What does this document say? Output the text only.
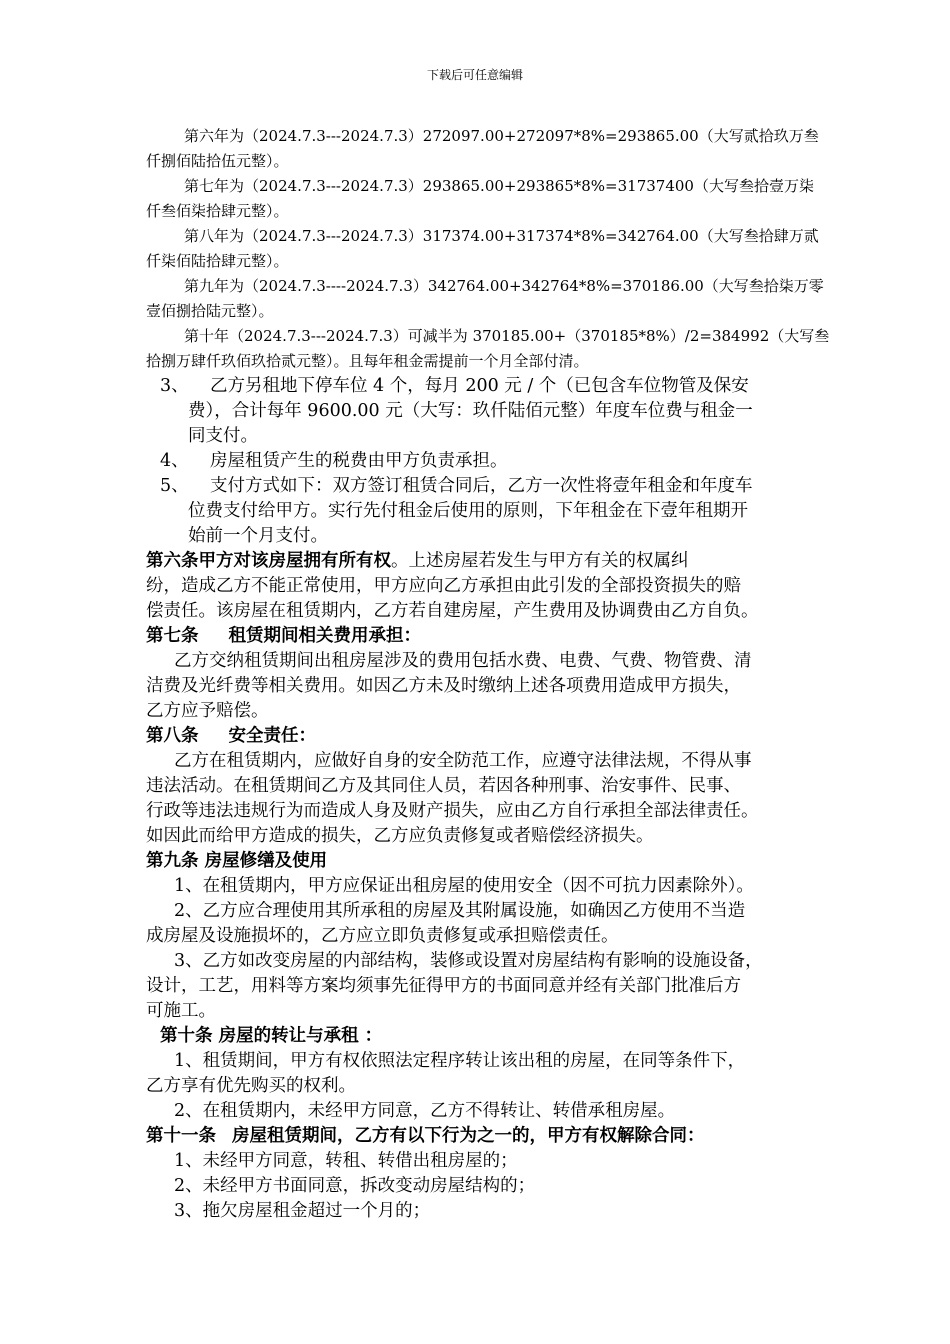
下载后可任意编辑
第六年为（2024.7.3---2024.7.3）272097.00+272097*8%=293865.00（大写贰拾玖万叁
仟捌佰陆拾伍元整）。
第七年为（2024.7.3---2024.7.3）293865.00+293865*8%=31737400（大写叁拾壹万柒
仟叁佰柒拾肆元整）。
第八年为（2024.7.3---2024.7.3）317374.00+317374*8%=342764.00（大写叁拾肆万贰
仟柒佰陆拾肆元整）。
第九年为（2024.7.3----2024.7.3）342764.00+342764*8%=370186.00（大写叁拾柒万零
壹佰捌拾陆元整）。
第十年（2024.7.3---2024.7.3）可减半为 370185.00+（370185*8%）/2=384992（大写叁
拾捌万肆仟玖佰玖拾贰元整）。且每年租金需提前一个月全部付清。
3、 乙方另租地下停车位 4 个，每月 200 元 / 个（已包含车位物管及保安
费），合计每年 9600.00 元（大写：玖仟陆佰元整）年度车位费与租金一
同支付。
4、 房屋租赁产生的税费由甲方负责承担。
5、 支付方式如下：双方签订租赁合同后，乙方一次性将壹年租金和年度车
位费支付给甲方。实行先付租金后使用的原则，下年租金在下壹年租期开
始前一个月支付。
第六条甲方对该房屋拥有所有权。上述房屋若发生与甲方有关的权属纠
纷，造成乙方不能正常使用，甲方应向乙方承担由此引发的全部投资损失的赔
偿责任。该房屋在租赁期内，乙方若自建房屋，产生费用及协调费由乙方自负。
第七条 租赁期间相关费用承担：
乙方交纳租赁期间出租房屋涉及的费用包括水费、电费、气费、物管费、清
洁费及光纤费等相关费用。如因乙方未及时缴纳上述各项费用造成甲方损失，
乙方应予赔偿。
第八条 安全责任：
乙方在租赁期内，应做好自身的安全防范工作，应遵守法律法规，不得从事
违法活动。在租赁期间乙方及其同住人员，若因各种刑事、治安事件、民事、
行政等违法违规行为而造成人身及财产损失，应由乙方自行承担全部法律责任。
如因此而给甲方造成的损失，乙方应负责修复或者赔偿经济损失。
第九条 房屋修缮及使用
1、在租赁期内，甲方应保证出租房屋的使用安全（因不可抗力因素除外）。
2、乙方应合理使用其所承租的房屋及其附属设施，如确因乙方使用不当造
成房屋及设施损坏的，乙方应立即负责修复或承担赔偿责任。
3、乙方如改变房屋的内部结构，装修或设置对房屋结构有影响的设施设备，
设计，工艺，用料等方案均须事先征得甲方的书面同意并经有关部门批准后方
可施工。
第十条 房屋的转让与承租 ：
1、租赁期间，甲方有权依照法定程序转让该出租的房屋，在同等条件下，
乙方享有优先购买的权利。
2、在租赁期内，未经甲方同意，乙方不得转让、转借承租房屋。
第十一条 房屋租赁期间，乙方有以下行为之一的，甲方有权解除合同：
1、未经甲方同意，转租、转借出租房屋的；
2、未经甲方书面同意，拆改变动房屋结构的；
3、拖欠房屋租金超过一个月的；
